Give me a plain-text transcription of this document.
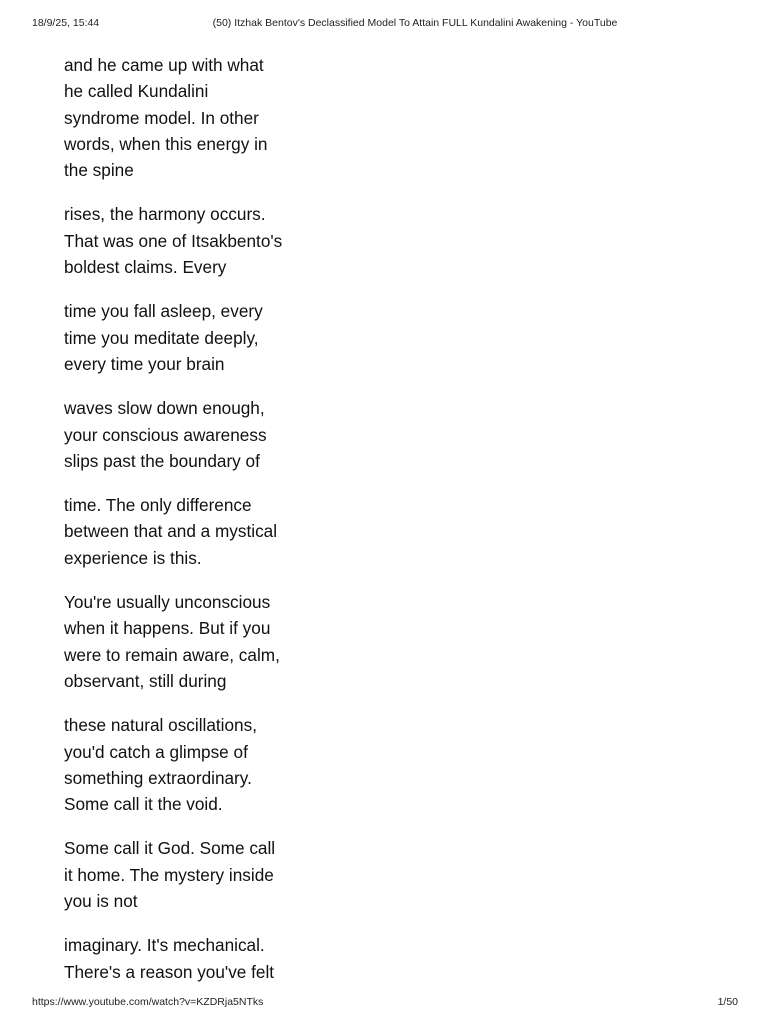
18/9/25, 15:44	(50) Itzhak Bentov's Declassified Model To Attain FULL Kundalini Awakening - YouTube

and he came up with what
he called Kundalini
syndrome model. In other
words, when this energy in
the spine

rises, the harmony occurs.
That was one of Itsakbento's
boldest claims. Every

time you fall asleep, every
time you meditate deeply,
every time your brain

waves slow down enough,
your conscious awareness
slips past the boundary of

time. The only difference
between that and a mystical
experience is this.

You're usually unconscious
when it happens. But if you
were to remain aware, calm,
observant, still during

these natural oscillations,
you'd catch a glimpse of
something extraordinary.
Some call it the void.

Some call it God. Some call
it home. The mystery inside
you is not

imaginary. It's mechanical.
There's a reason you've felt

https://www.youtube.com/watch?v=KZDRja5NTks	1/50
